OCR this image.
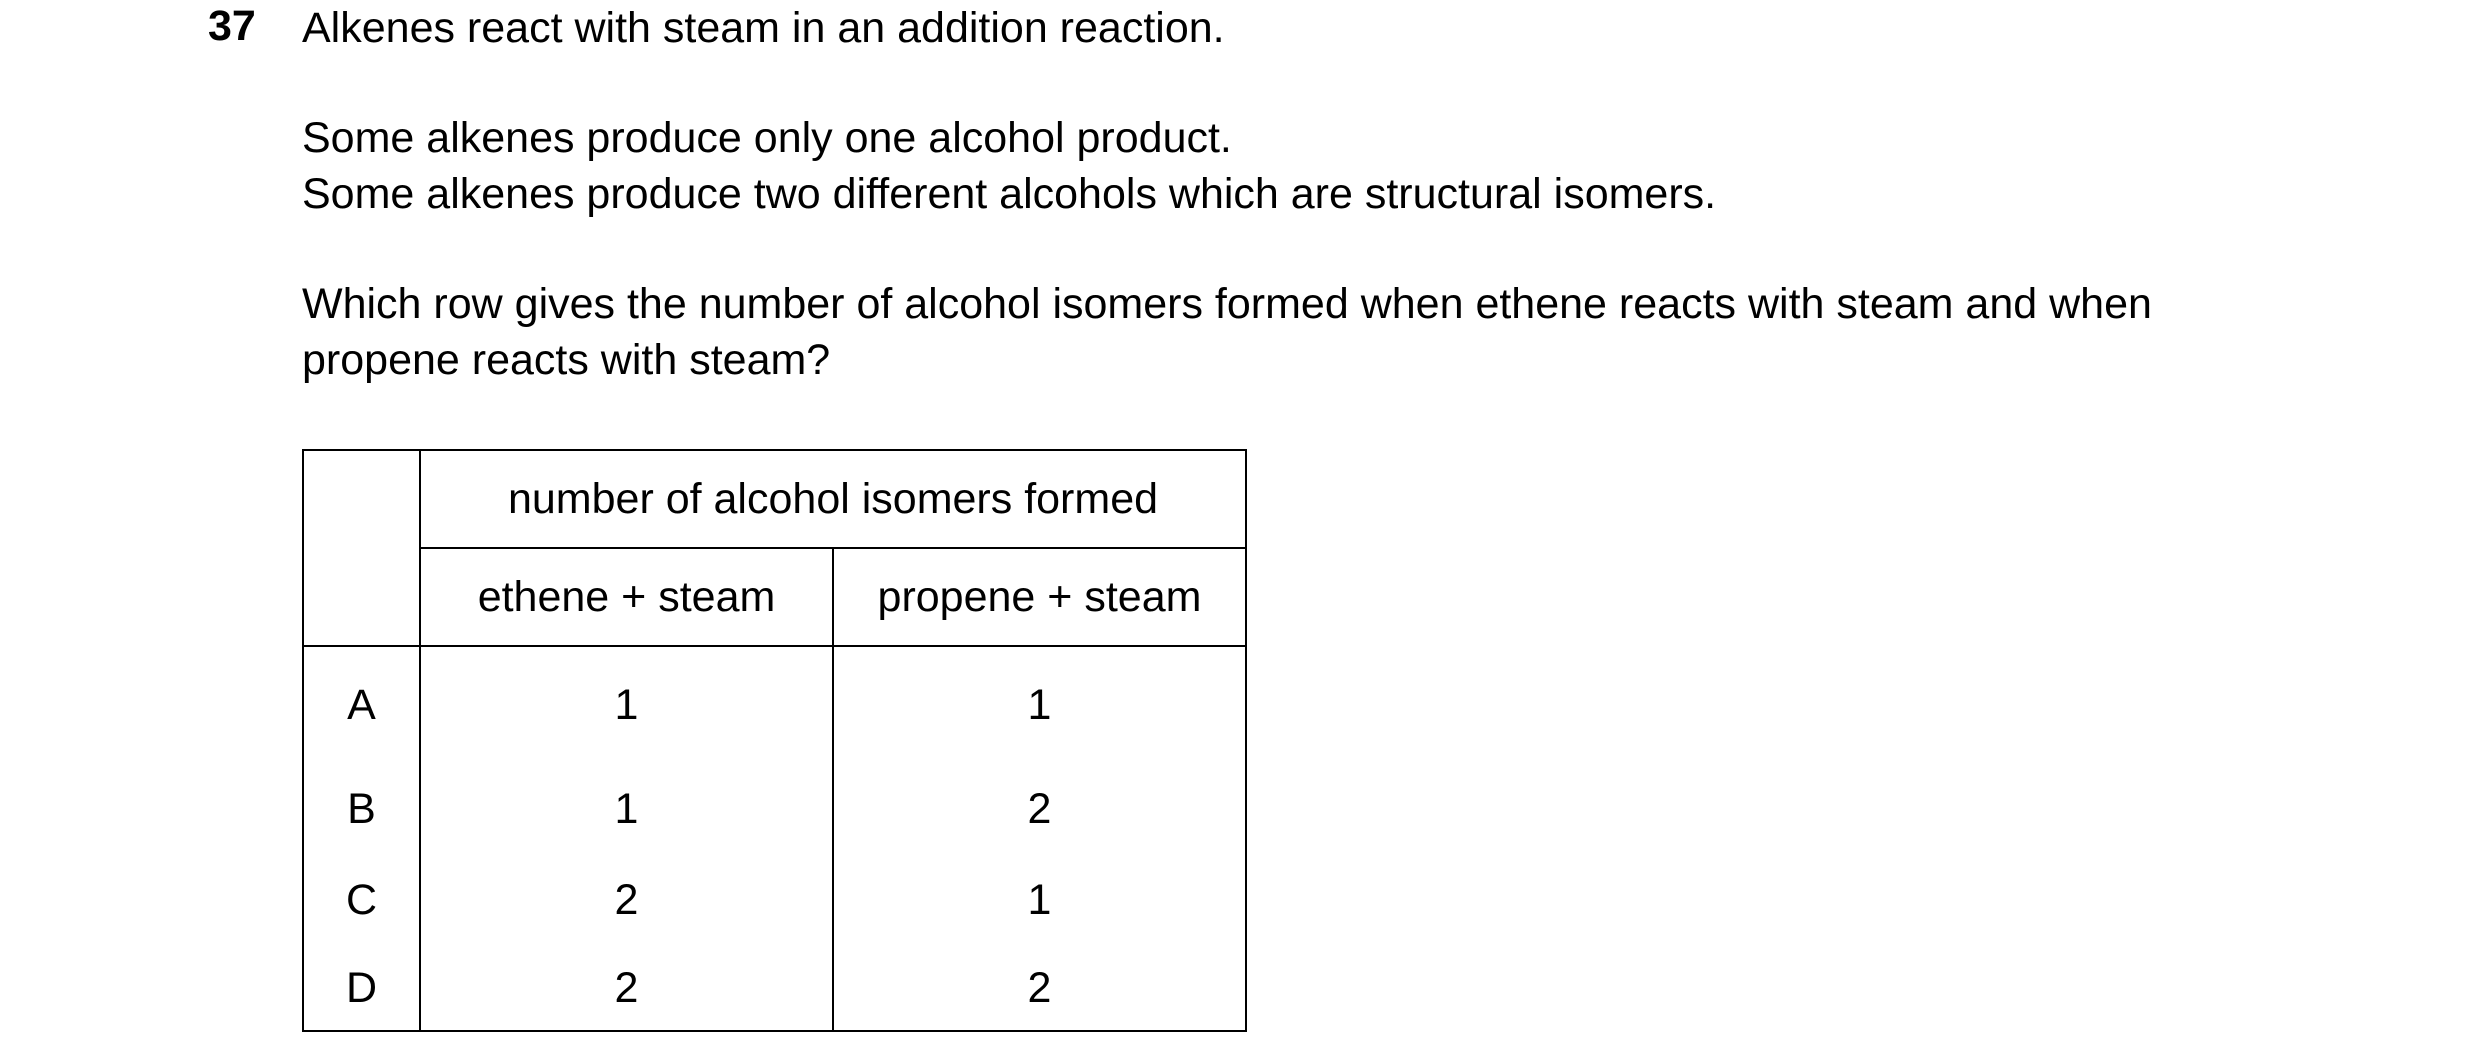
37 Alkenes react with steam in an addition reaction.

Some alkenes produce only one alcohol product.
Some alkenes produce two different alcohols which are structural isomers.
Which row gives the number of alcohol isomers formed when ethene reacts with steam and when
propene reacts with steam?
	number of alcohol isomers formed	
	ethene + steam	propene + steam
A	1	1
B	1	2
C	2	1
D	2	2
